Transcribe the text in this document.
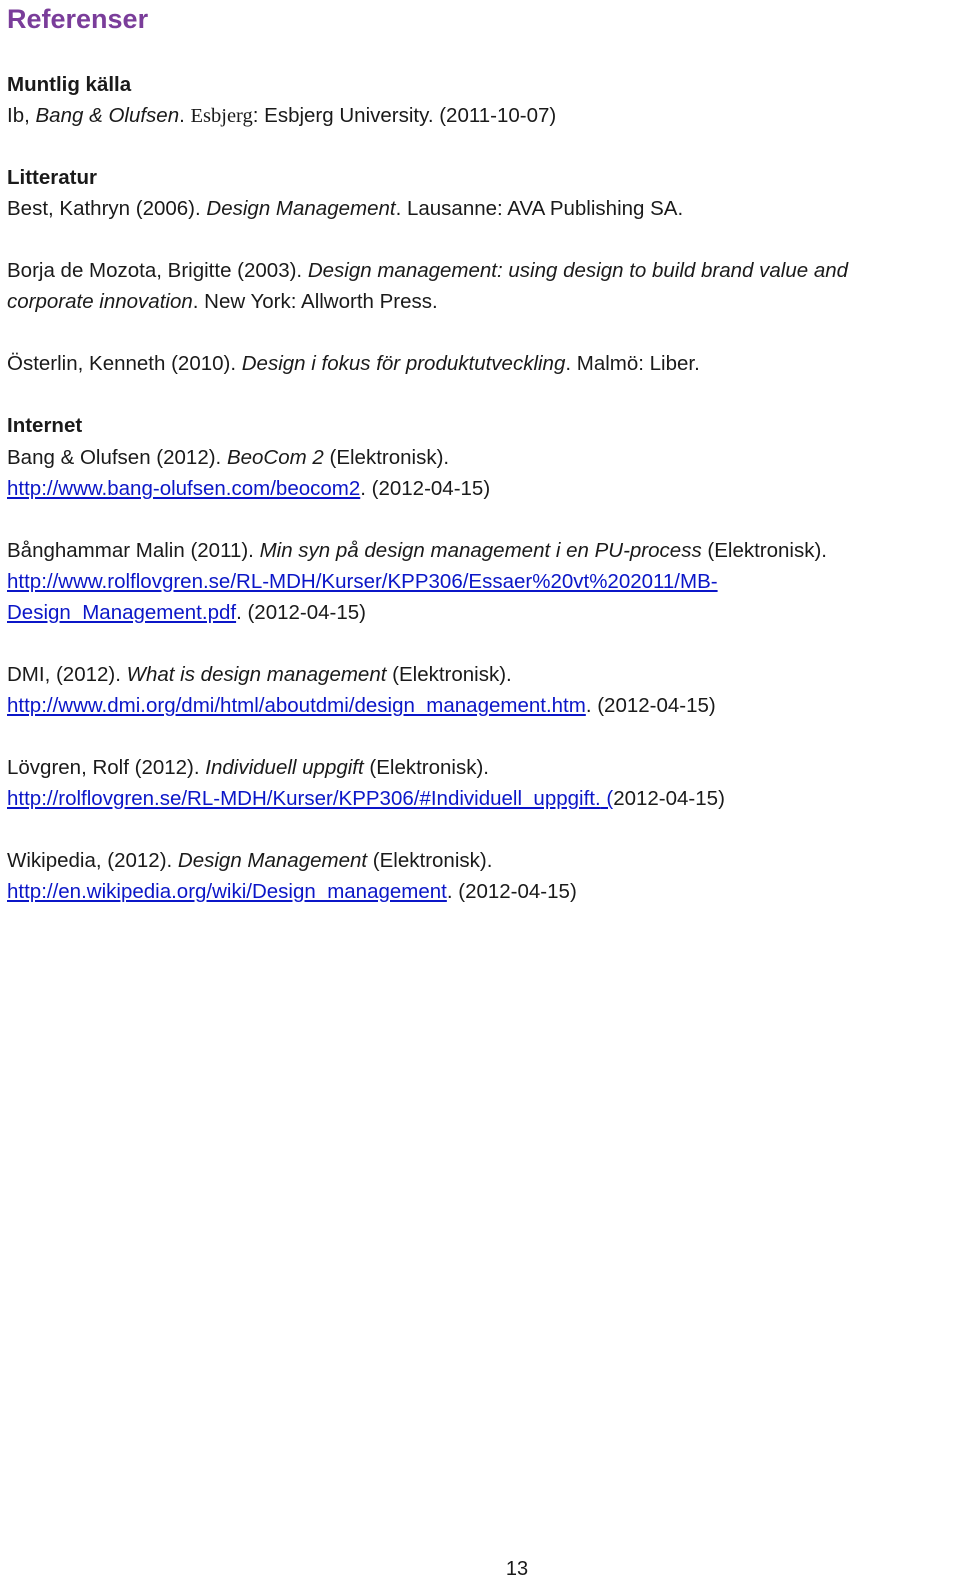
Referenser
Muntlig källa
Ib, Bang & Olufsen. Esbjerg: Esbjerg University. (2011-10-07)
Litteratur
Best, Kathryn (2006). Design Management. Lausanne: AVA Publishing SA.
Borja de Mozota, Brigitte (2003). Design management: using design to build brand value and
corporate innovation. New York: Allworth Press.
Österlin, Kenneth (2010). Design i fokus för produktutveckling. Malmö: Liber.
Internet
Bang & Olufsen (2012). BeoCom 2 (Elektronisk).
http://www.bang-olufsen.com/beocom2. (2012-04-15)
Bånghammar Malin (2011). Min syn på design management i en PU-process (Elektronisk).
http://www.rolflovgren.se/RL-MDH/Kurser/KPP306/Essaer%20vt%202011/MB-
Design_Management.pdf. (2012-04-15)
DMI, (2012). What is design management (Elektronisk).
http://www.dmi.org/dmi/html/aboutdmi/design_management.htm. (2012-04-15)
Lövgren, Rolf (2012). Individuell uppgift (Elektronisk).
http://rolflovgren.se/RL-MDH/Kurser/KPP306/#Individuell_uppgift. (2012-04-15)
Wikipedia, (2012). Design Management (Elektronisk).
http://en.wikipedia.org/wiki/Design_management. (2012-04-15)
13
